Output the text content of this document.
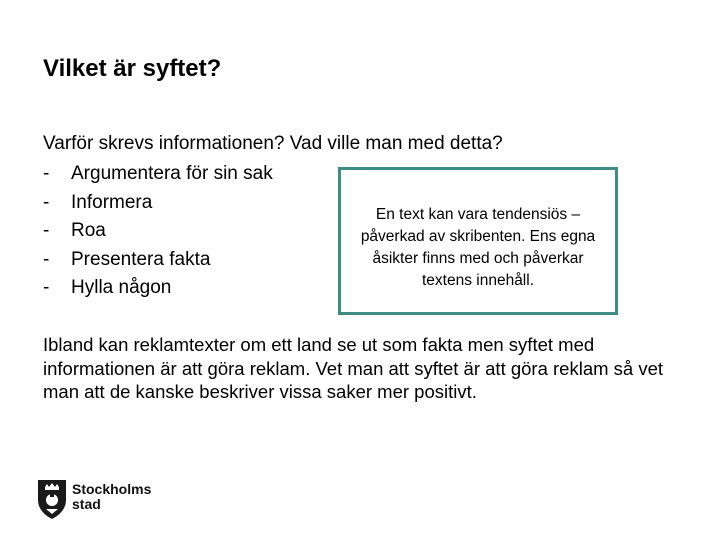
Vilket är syftet?
Varför skrevs informationen? Vad ville man med detta?
- Argumentera för sin sak
- Informera
- Roa
- Presentera fakta
- Hylla någon
En text kan vara tendensiös – påverkad av skribenten. Ens egna åsikter finns med och påverkar textens innehåll.
Ibland kan reklamtexter om ett land se ut som fakta men syftet med informationen är att göra reklam. Vet man att syftet är att göra reklam så vet man att de kanske beskriver vissa saker mer positivt.
Stockholms
stad
